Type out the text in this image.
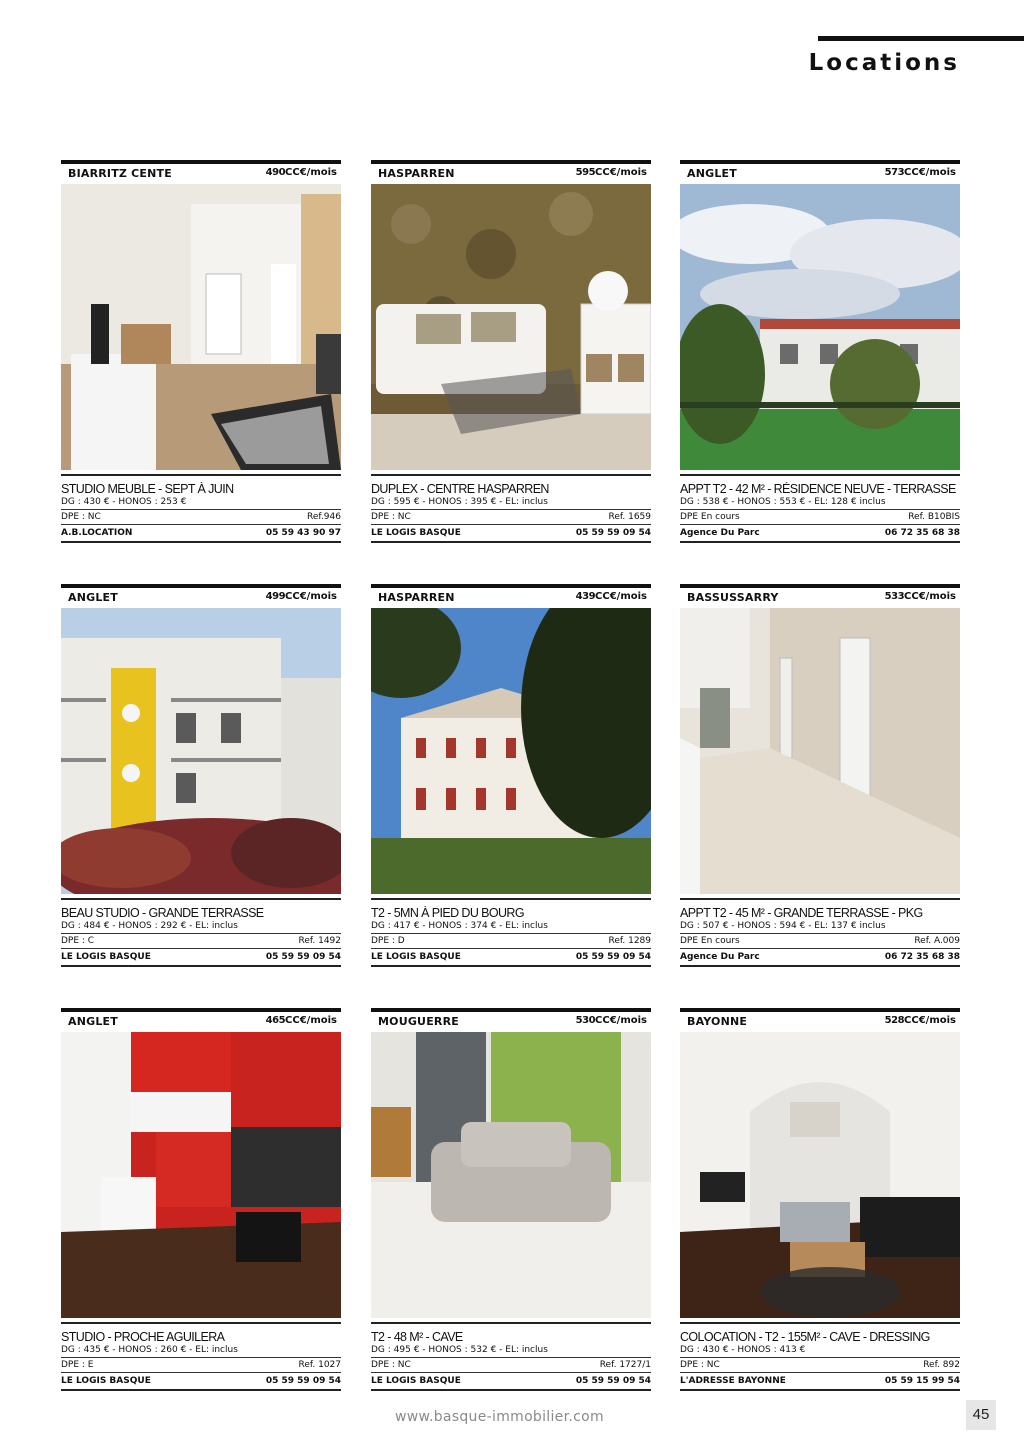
Locations
BIARRITZ CENTE	490CC€/mois
STUDIO MEUBLE - SEPT À JUIN
DG : 430 € - HONOS : 253 €
DPE : NC	Ref.946
A.B.LOCATION	05 59 43 90 97
HASPARREN	595CC€/mois
DUPLEX - CENTRE HASPARREN
DG : 595 € - HONOS : 395 € - EL: inclus
DPE : NC	Ref. 1659
LE LOGIS BASQUE	05 59 59 09 54
ANGLET	573CC€/mois
APPT T2 - 42 M² - RÉSIDENCE NEUVE - TERRASSE
DG : 538 € - HONOS : 553 € - EL: 128 € inclus
DPE En cours	Ref. B10BIS
Agence Du Parc	06 72 35 68 38
ANGLET	499CC€/mois
BEAU STUDIO - GRANDE TERRASSE
DG : 484 € - HONOS : 292 € - EL: inclus
DPE : C	Ref. 1492
LE LOGIS BASQUE	05 59 59 09 54
HASPARREN	439CC€/mois
T2 - 5MN À PIED DU BOURG
DG : 417 € - HONOS : 374 € - EL: inclus
DPE : D	Ref. 1289
LE LOGIS BASQUE	05 59 59 09 54
BASSUSSARRY	533CC€/mois
APPT T2 - 45 M² - GRANDE TERRASSE - PKG
DG : 507 € - HONOS : 594 € - EL: 137 € inclus
DPE En cours	Ref. A.009
Agence Du Parc	06 72 35 68 38
ANGLET	465CC€/mois
STUDIO - PROCHE AGUILERA
DG : 435 € - HONOS : 260 € - EL: inclus
DPE : E	Ref. 1027
LE LOGIS BASQUE	05 59 59 09 54
MOUGUERRE	530CC€/mois
T2 - 48 M² - CAVE
DG : 495 € - HONOS : 532 € - EL: inclus
DPE : NC	Ref. 1727/1
LE LOGIS BASQUE	05 59 59 09 54
BAYONNE	528CC€/mois
COLOCATION - T2 - 155M² - CAVE - DRESSING
DG : 430 € - HONOS : 413 €
DPE : NC	Ref. 892
L'ADRESSE BAYONNE	05 59 15 99 54
www.basque-immobilier.com	45
